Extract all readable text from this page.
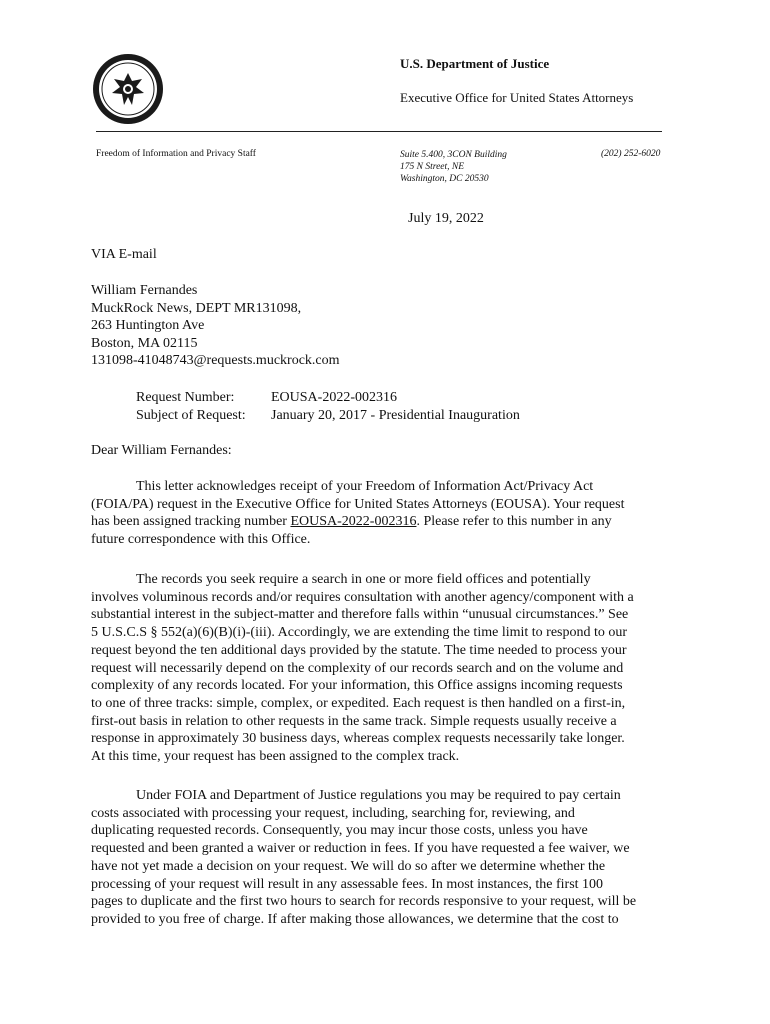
U.S. Department of Justice
Executive Office for United States Attorneys
Freedom of Information and Privacy Staff	Suite 5.400, 3CON Building
175 N Street, NE
Washington, DC 20530
(202) 252-6020
July 19, 2022
VIA E-mail
William Fernandes
MuckRock News, DEPT MR131098,
263 Huntington Ave
Boston, MA 02115
131098-41048743@requests.muckrock.com
Request Number:	EOUSA-2022-002316
Subject of Request: January 20, 2017 - Presidential Inauguration
Dear William Fernandes:
This letter acknowledges receipt of your Freedom of Information Act/Privacy Act
(FOIA/PA) request in the Executive Office for United States Attorneys (EOUSA). Your request
has been assigned tracking number EOUSA-2022-002316. Please refer to this number in any
future correspondence with this Office.
The records you seek require a search in one or more field offices and potentially
involves voluminous records and/or requires consultation with another agency/component with a
substantial interest in the subject-matter and therefore falls within “unusual circumstances.” See
5 U.S.C.S § 552(a)(6)(B)(i)-(iii). Accordingly, we are extending the time limit to respond to our
request beyond the ten additional days provided by the statute. The time needed to process your
request will necessarily depend on the complexity of our records search and on the volume and
complexity of any records located. For your information, this Office assigns incoming requests
to one of three tracks: simple, complex, or expedited. Each request is then handled on a first-in,
first-out basis in relation to other requests in the same track. Simple requests usually receive a
response in approximately 30 business days, whereas complex requests necessarily take longer.
At this time, your request has been assigned to the complex track.
Under FOIA and Department of Justice regulations you may be required to pay certain
costs associated with processing your request, including, searching for, reviewing, and
duplicating requested records. Consequently, you may incur those costs, unless you have
requested and been granted a waiver or reduction in fees. If you have requested a fee waiver, we
have not yet made a decision on your request. We will do so after we determine whether the
processing of your request will result in any assessable fees. In most instances, the first 100
pages to duplicate and the first two hours to search for records responsive to your request, will be
provided to you free of charge. If after making those allowances, we determine that the cost to
